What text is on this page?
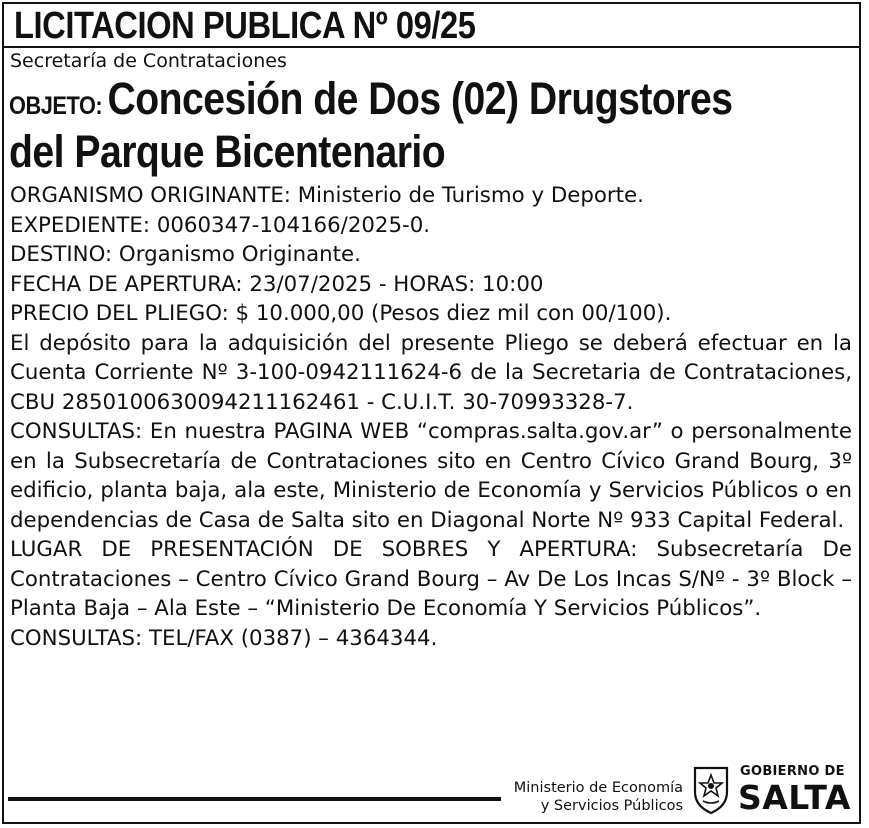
LICITACION PUBLICA Nº 09/25
Secretaría de Contrataciones
OBJETO: Concesión de Dos (02) Drugstores
del Parque Bicentenario
ORGANISMO ORIGINANTE: Ministerio de Turismo y Deporte.
EXPEDIENTE: 0060347-104166/2025-0.
DESTINO: Organismo Originante.
FECHA DE APERTURA: 23/07/2025 - HORAS: 10:00
PRECIO DEL PLIEGO: $ 10.000,00 (Pesos diez mil con 00/100).
El depósito para la adquisición del presente Pliego se deberá efectuar en la Cuenta Corriente Nº 3-100-0942111624-6 de la Secretaria de Contrataciones, CBU 2850100630094211162461 - C.U.I.T. 30-70993328-7.
CONSULTAS: En nuestra PAGINA WEB “compras.salta.gov.ar” o personalmente en la Subsecretaría de Contrataciones sito en Centro Cívico Grand Bourg, 3º edificio, planta baja, ala este, Ministerio de Economía y Servicios Públicos o en dependencias de Casa de Salta sito en Diagonal Norte Nº 933 Capital Federal.
LUGAR DE PRESENTACIÓN DE SOBRES Y APERTURA: Subsecretaría De Contrataciones – Centro Cívico Grand Bourg – Av De Los Incas S/Nº - 3º Block – Planta Baja – Ala Este – “Ministerio De Economía Y Servicios Públicos”.
CONSULTAS: TEL/FAX (0387) – 4364344.
Ministerio de Economía
y Servicios Públicos
GOBIERNO DE
SALTA
